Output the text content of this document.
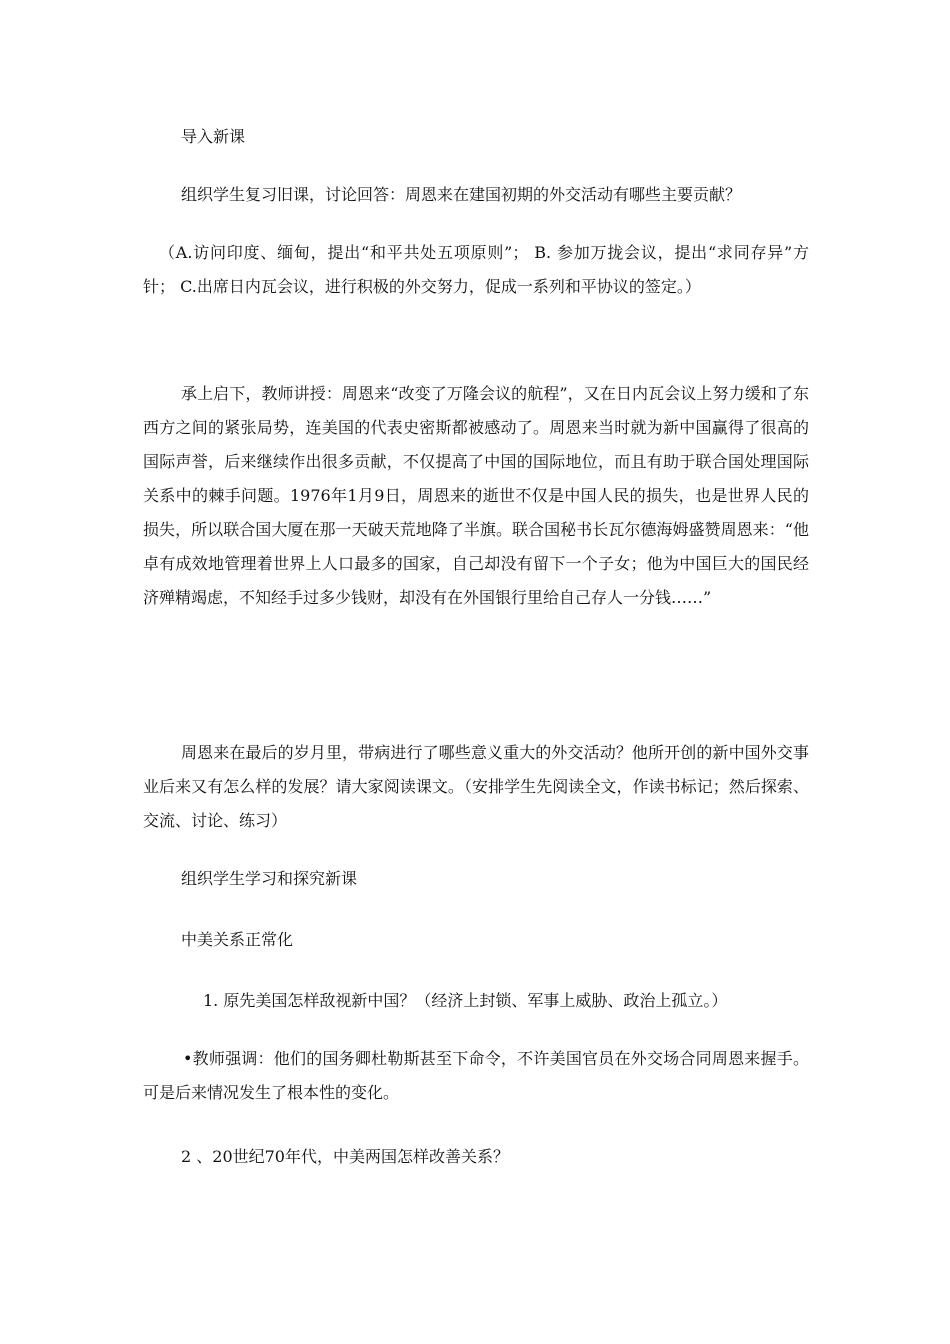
导入新课

组织学生复习旧课，讨论回答：周恩来在建国初期的外交活动有哪些主要贡献？

（A.访问印度、缅甸，提出“和平共处五项原则”； B. 参加万拢会议，提出“求同存异”方针； C.出席日内瓦会议，进行积极的外交努力，促成一系列和平协议的签定。）

承上启下，教师讲授：周恩来“改变了万隆会议的航程”，又在日内瓦会议上努力缓和了东西方之间的紧张局势，连美国的代表史密斯都被感动了。周恩来当时就为新中国赢得了很高的国际声誉，后来继续作出很多贡献，不仅提高了中国的国际地位，而且有助于联合国处理国际关系中的棘手问题。1976年1月9日，周恩来的逝世不仅是中国人民的损失，也是世界人民的损失，所以联合国大厦在那一天破天荒地降了半旗。联合国秘书长瓦尔德海姆盛赞周恩来：“他卓有成效地管理着世界上人口最多的国家，自己却没有留下一个子女；他为中国巨大的国民经济殚精竭虑，不知经手过多少钱财，却没有在外国银行里给自己存人一分钱……”

周恩来在最后的岁月里，带病进行了哪些意义重大的外交活动？他所开创的新中国外交事业后来又有怎么样的发展？请大家阅读课文。（安排学生先阅读全文，作读书标记；然后探索、交流、讨论、练习）

组织学生学习和探究新课

中美关系正常化

1. 原先美国怎样敌视新中国？（经济上封锁、军事上威胁、政治上孤立。）

•教师强调：他们的国务卿杜勒斯甚至下命令，不许美国官员在外交场合同周恩来握手。可是后来情况发生了根本性的变化。

2 、20世纪70年代，中美两国怎样改善关系？
